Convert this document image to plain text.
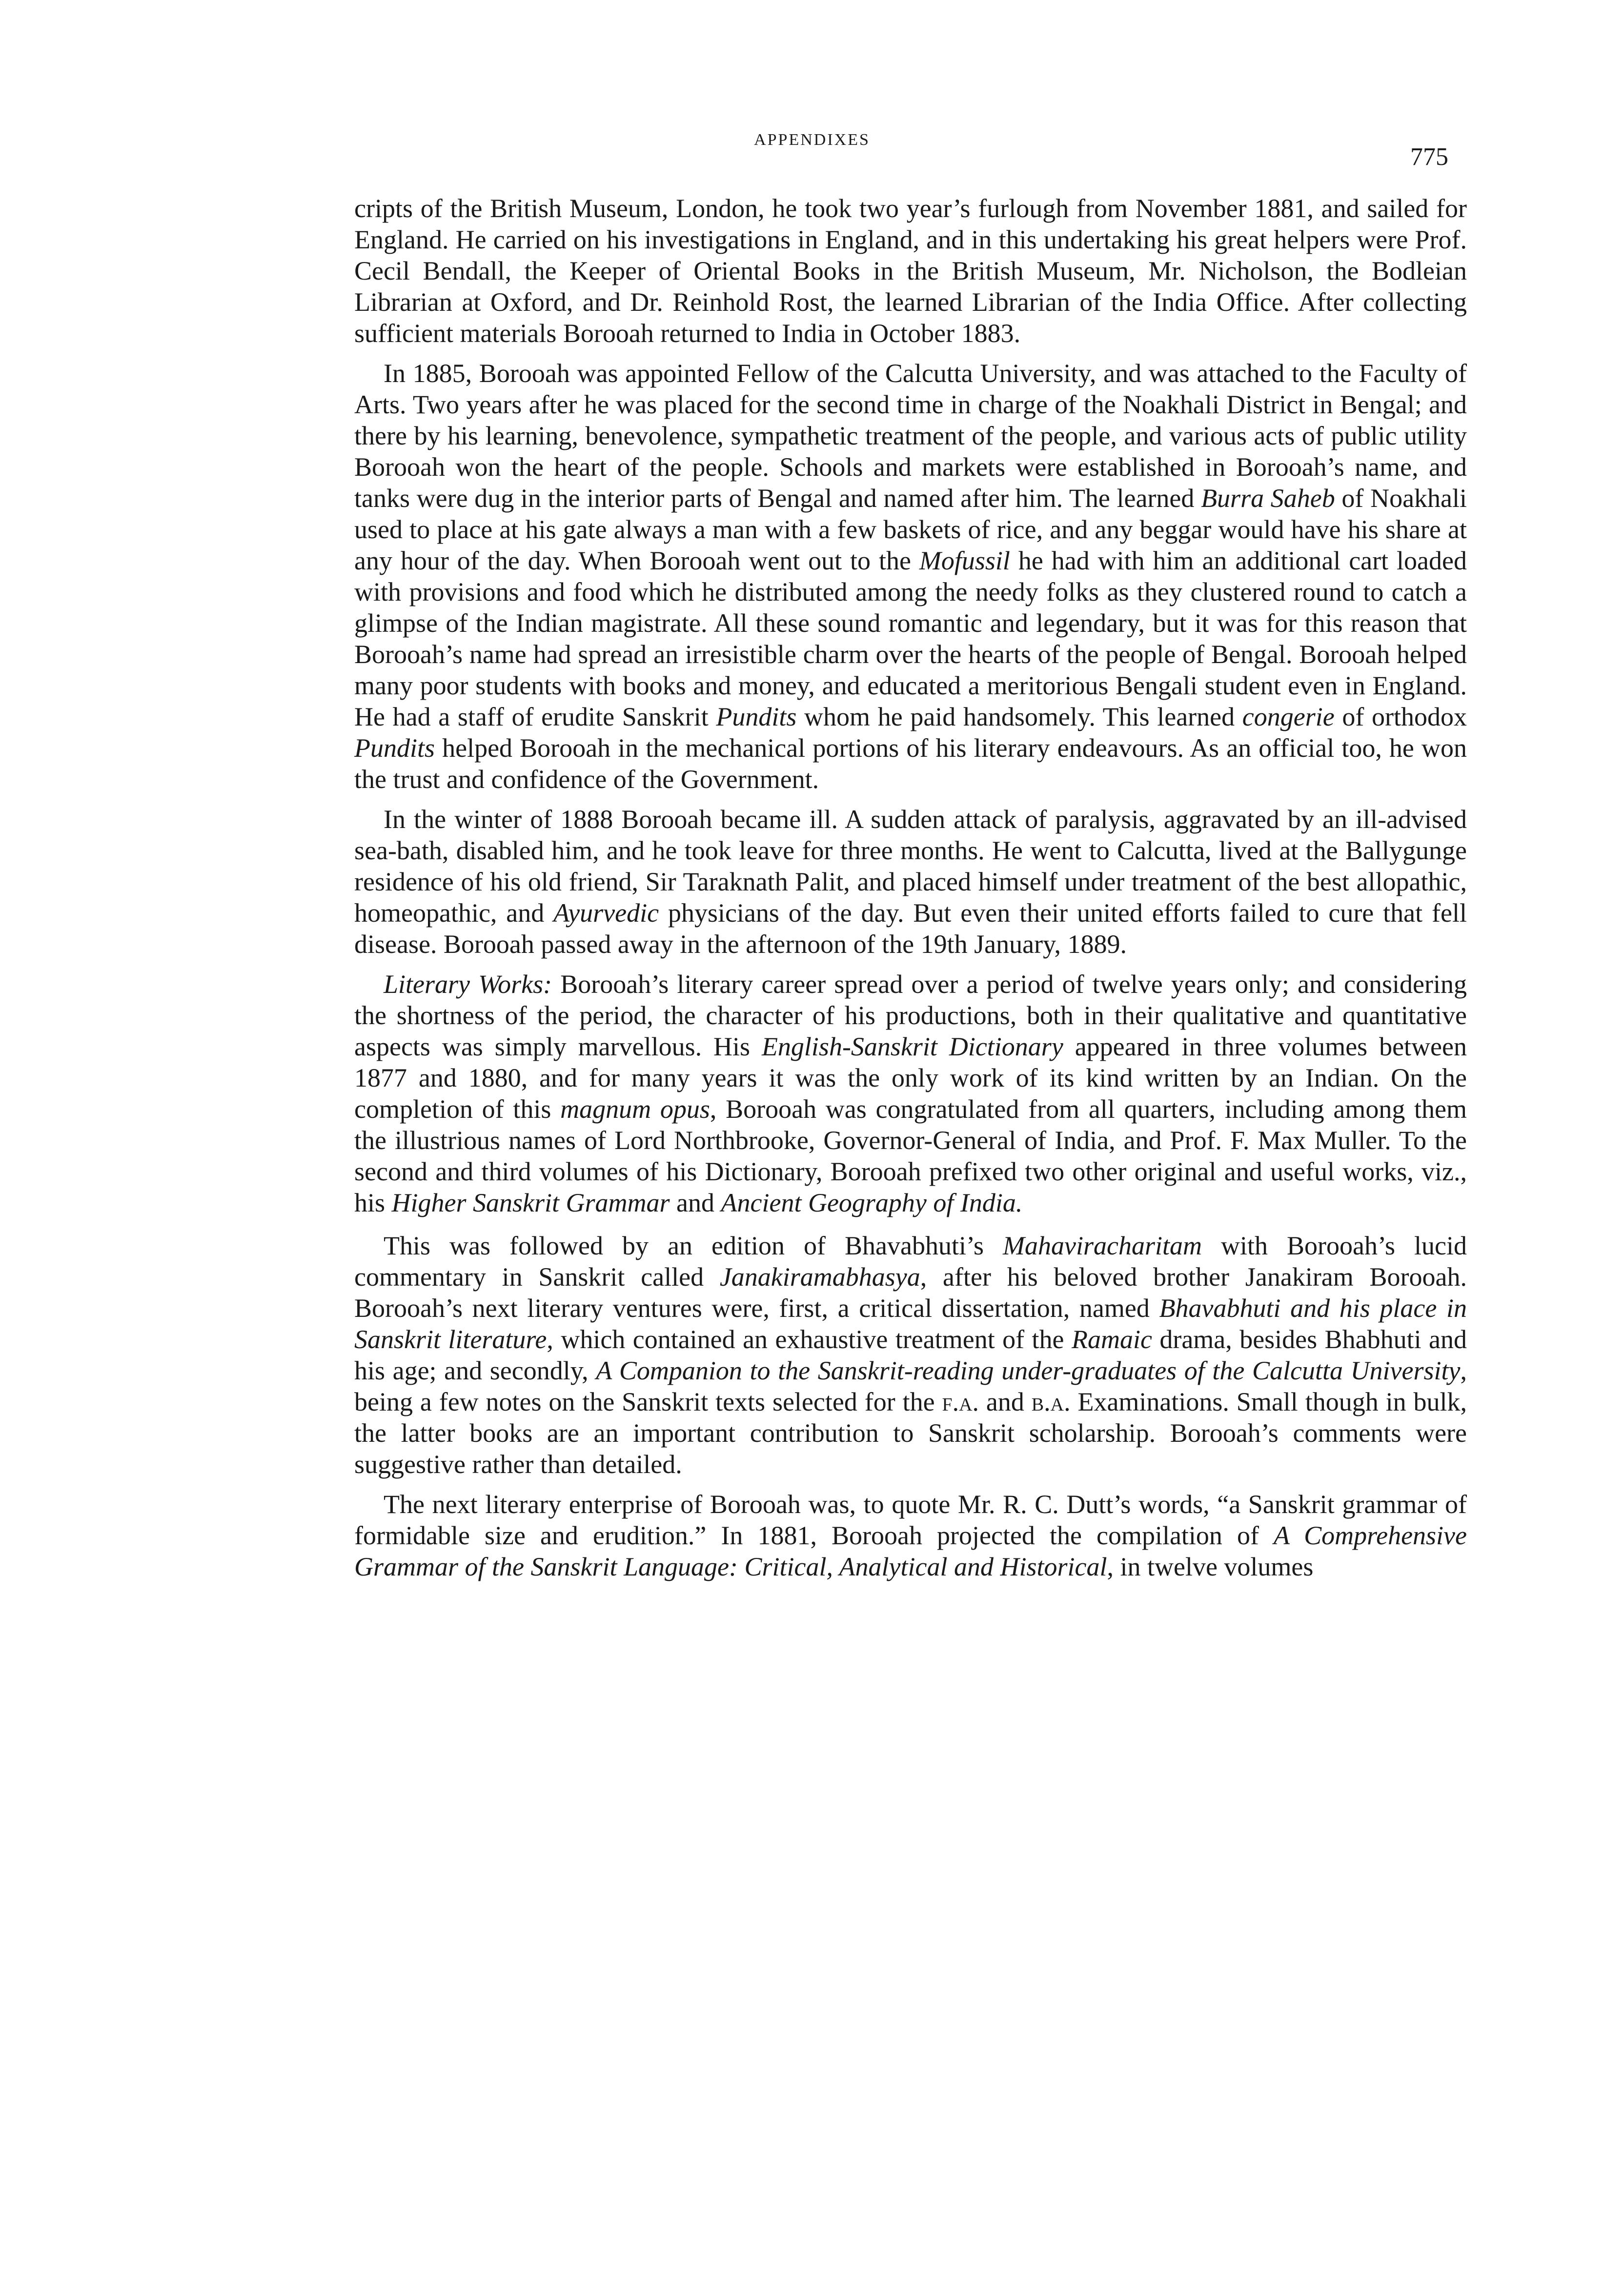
APPENDIXES
775

cripts of the British Museum, London, he took two year’s furlough from November 1881, and sailed for England. He carried on his investigations in England, and in this undertaking his great helpers were Prof. Cecil Bendall, the Keeper of Oriental Books in the British Museum, Mr. Nicholson, the Bodleian Librarian at Oxford, and Dr. Reinhold Rost, the learned Librarian of the India Office. After collecting sufficient materials Borooah returned to India in October 1883.

In 1885, Borooah was appointed Fellow of the Calcutta University, and was attached to the Faculty of Arts. Two years after he was placed for the second time in charge of the Noakhali District in Bengal; and there by his learning, benevolence, sympathetic treatment of the people, and various acts of public utility Borooah won the heart of the people. Schools and markets were established in Borooah’s name, and tanks were dug in the interior parts of Bengal and named after him. The learned Burra Saheb of Noakhali used to place at his gate always a man with a few baskets of rice, and any beggar would have his share at any hour of the day. When Borooah went out to the Mofussil he had with him an additional cart loaded with provisions and food which he distributed among the needy folks as they clustered round to catch a glimpse of the Indian magistrate. All these sound romantic and legendary, but it was for this reason that Borooah’s name had spread an irresistible charm over the hearts of the people of Bengal. Borooah helped many poor students with books and money, and educated a meritorious Bengali student even in England. He had a staff of erudite Sanskrit Pundits whom he paid handsomely. This learned congerie of orthodox Pundits helped Borooah in the mechanical portions of his literary endeavours. As an official too, he won the trust and confidence of the Government.

In the winter of 1888 Borooah became ill. A sudden attack of paralysis, aggravated by an ill-advised sea-bath, disabled him, and he took leave for three months. He went to Calcutta, lived at the Ballygunge residence of his old friend, Sir Taraknath Palit, and placed himself under treatment of the best allopathic, homeopathic, and Ayurvedic physicians of the day. But even their united efforts failed to cure that fell disease. Borooah passed away in the afternoon of the 19th January, 1889.

Literary Works: Borooah’s literary career spread over a period of twelve years only; and considering the shortness of the period, the character of his productions, both in their qualitative and quantitative aspects was simply marvellous. His English-Sanskrit Dictionary appeared in three volumes between 1877 and 1880, and for many years it was the only work of its kind written by an Indian. On the completion of this magnum opus, Borooah was congratulated from all quarters, including among them the illustrious names of Lord Northbrooke, Governor-General of India, and Prof. F. Max Muller. To the second and third volumes of his Dictionary, Borooah prefixed two other original and useful works, viz., his Higher Sanskrit Grammar and Ancient Geography of India.

This was followed by an edition of Bhavabhuti’s Mahaviracharitam with Borooah’s lucid commentary in Sanskrit called Janakiramabhasya, after his beloved brother Janakiram Borooah. Borooah’s next literary ventures were, first, a critical dissertation, named Bhavabhuti and his place in Sanskrit literature, which contained an exhaustive treatment of the Ramaic drama, besides Bhabhuti and his age; and secondly, A Companion to the Sanskrit-reading under-graduates of the Calcutta University, being a few notes on the Sanskrit texts selected for the f.a. and b.a. Examinations. Small though in bulk, the latter books are an important contribution to Sanskrit scholarship. Borooah’s comments were suggestive rather than detailed.

The next literary enterprise of Borooah was, to quote Mr. R. C. Dutt’s words, “a Sanskrit grammar of formidable size and erudition.” In 1881, Borooah projected the compilation of A Comprehensive Grammar of the Sanskrit Language: Critical, Analytical and Historical, in twelve volumes
